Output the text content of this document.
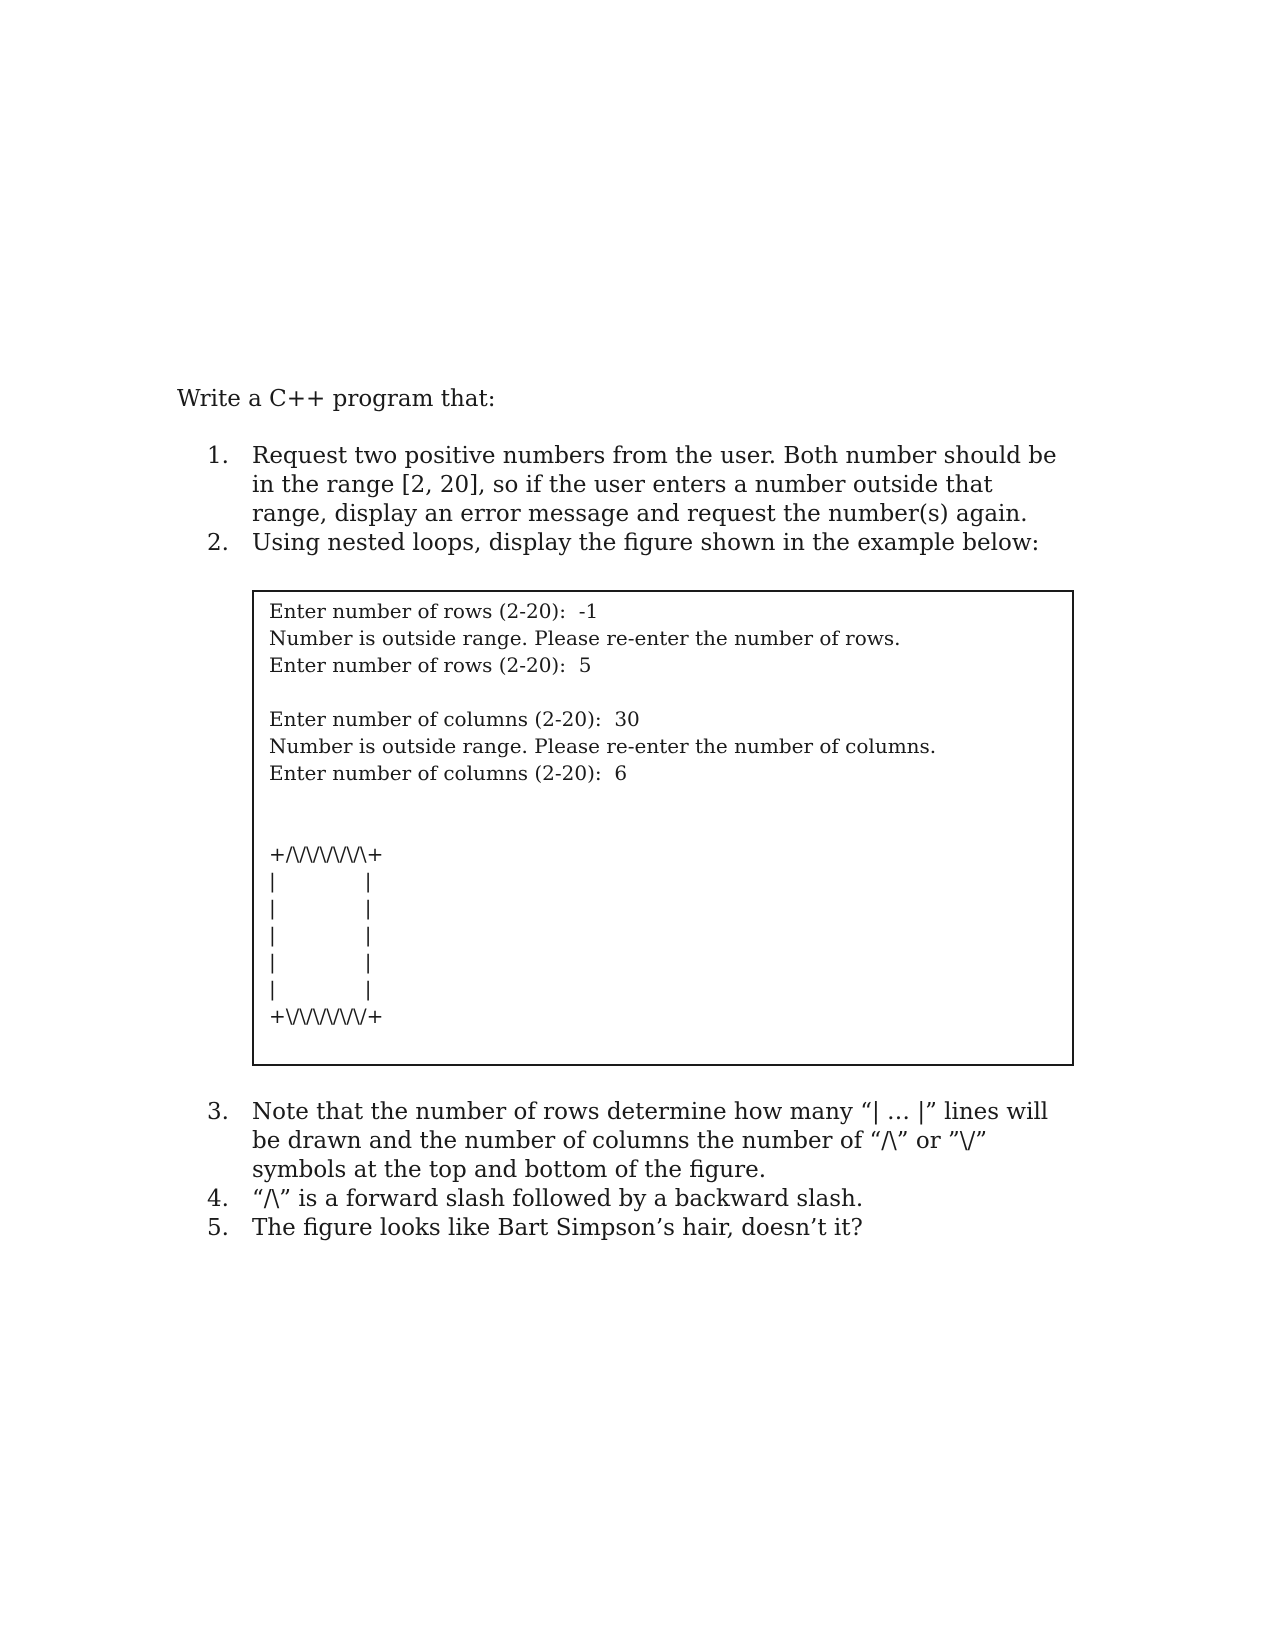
Write a C++ program that:

1.	Request two positive numbers from the user. Both number should be in the range [2, 20], so if the user enters a number outside that range, display an error message and request the number(s) again.
2.	Using nested loops, display the figure shown in the example below:
Enter number of rows (2-20):  -1
Number is outside range. Please re-enter the number of rows.
Enter number of rows (2-20):  5
Enter number of columns (2-20):  30
Number is outside range. Please re-enter the number of columns.
Enter number of columns (2-20):  6
+/\/\/\/\/\/\+
|              |
|              |
|              |
|              |
|              |
+\/\/\/\/\/\/+
3.	Note that the number of rows determine how many “| … |” lines will be drawn and the number of columns the number of “/\” or ”\/” symbols at the top and bottom of the figure.
4.	“/\” is a forward slash followed by a backward slash.
5.	The figure looks like Bart Simpson’s hair, doesn’t it?
